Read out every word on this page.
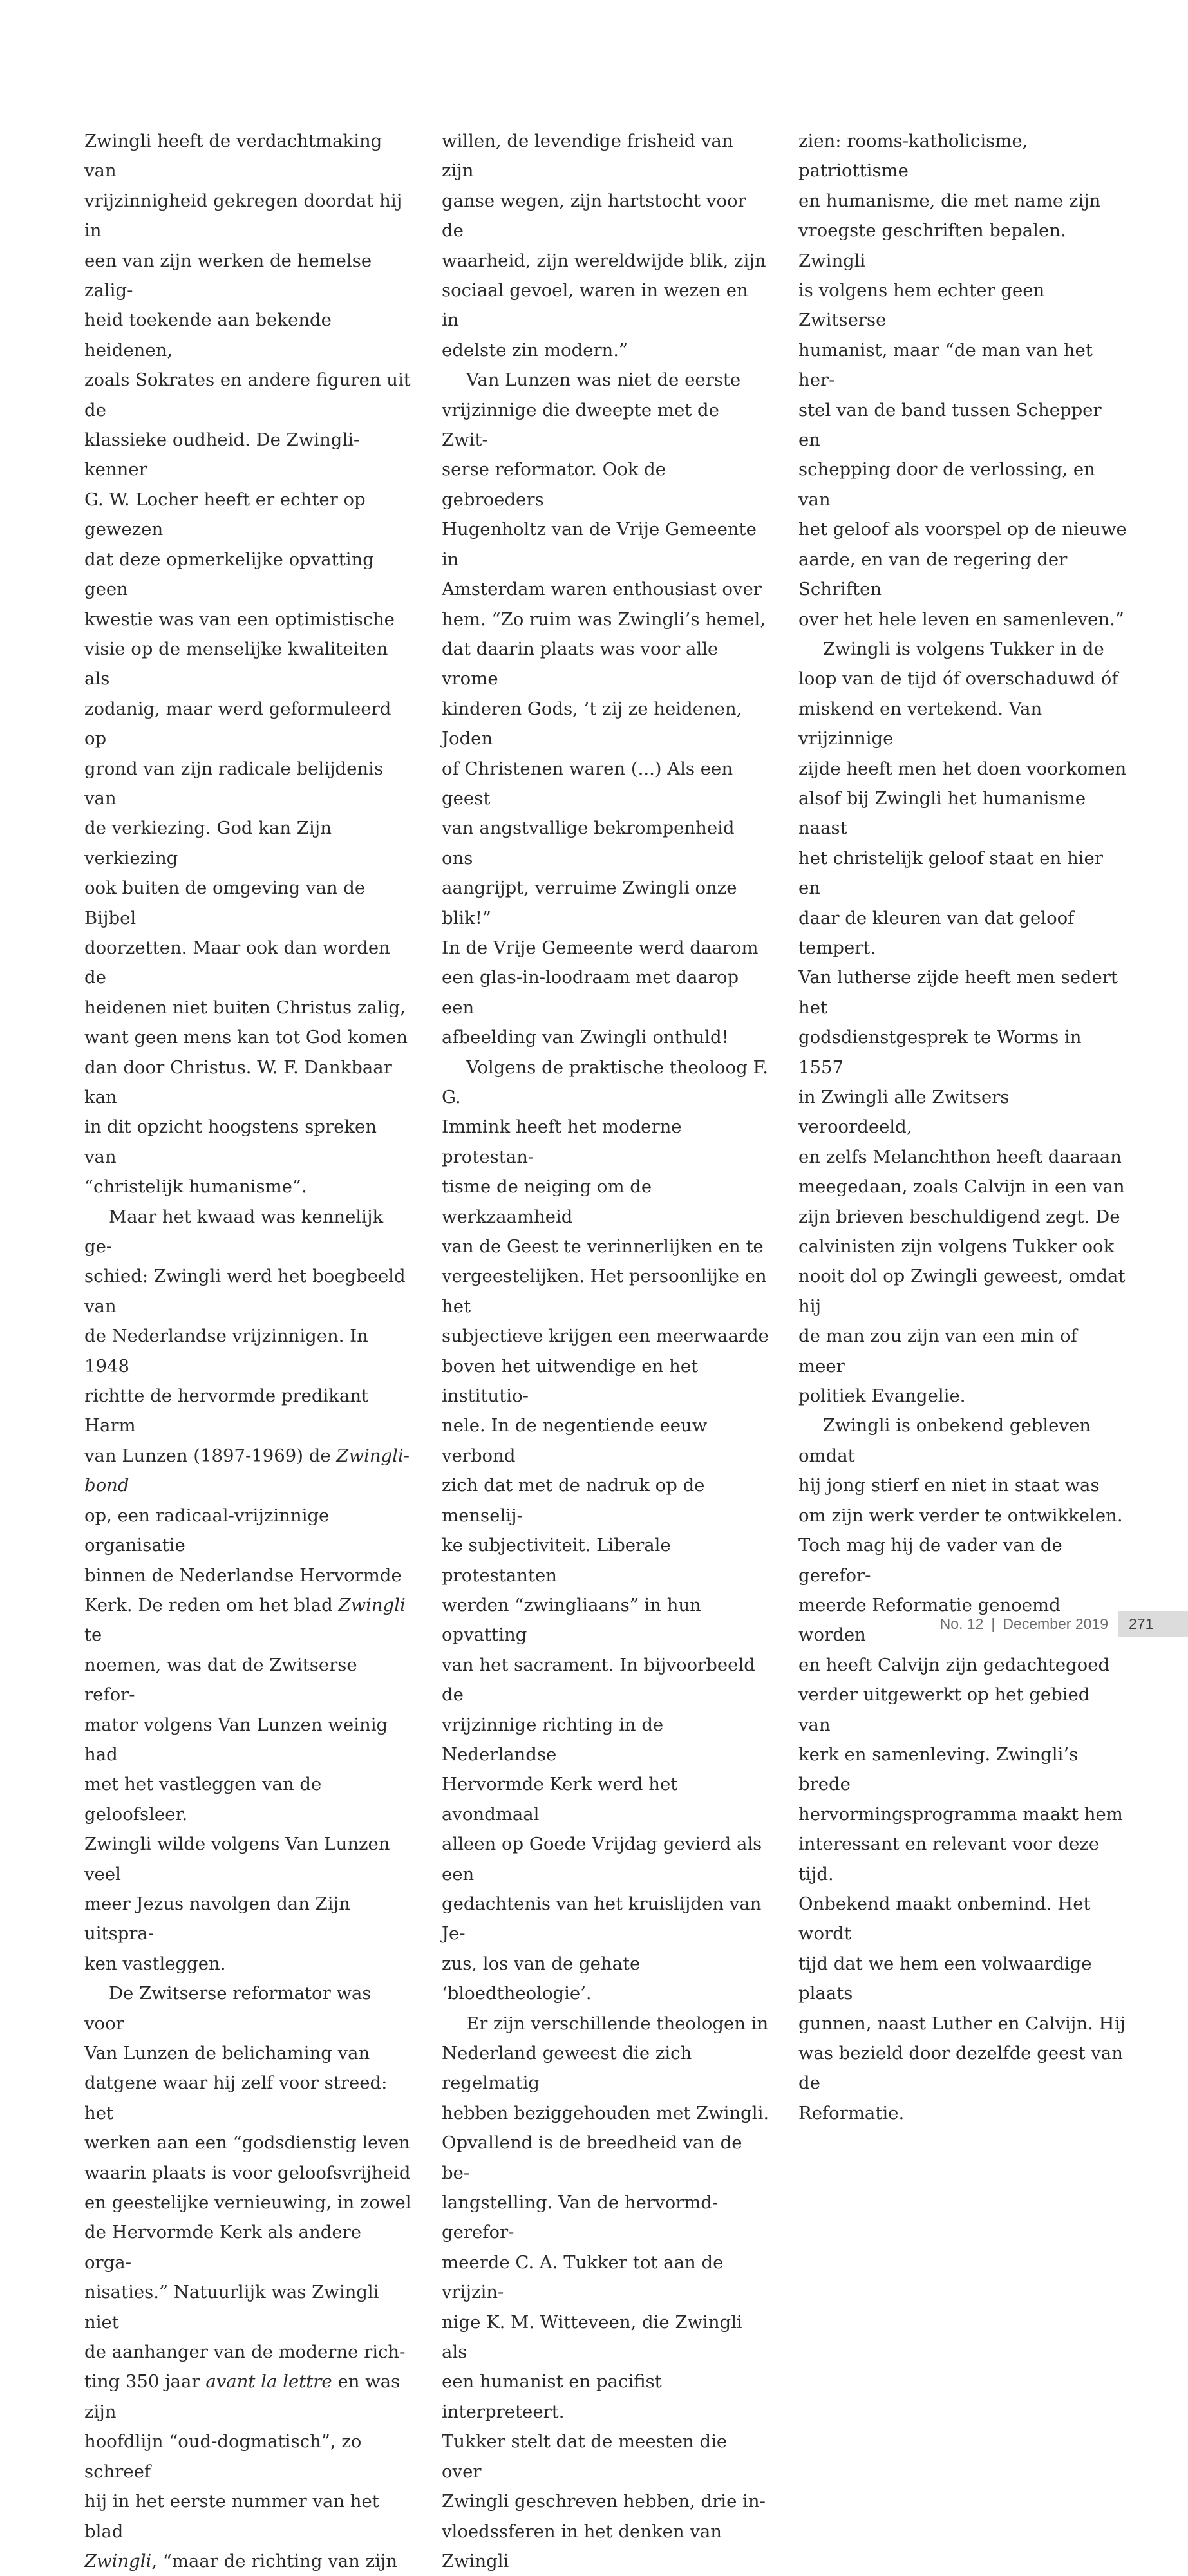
Zwingli heeft de verdachtmaking van
vrijzinnigheid gekregen doordat hij in
een van zijn werken de hemelse zalig-
heid toekende aan bekende heidenen,
zoals Sokrates en andere figuren uit de
klassieke oudheid. De Zwingli-kenner
G. W. Locher heeft er echter op gewezen
dat deze opmerkelijke opvatting geen
kwestie was van een optimistische
visie op de menselijke kwaliteiten als
zodanig, maar werd geformuleerd op
grond van zijn radicale belijdenis van
de verkiezing. God kan Zijn verkiezing
ook buiten de omgeving van de Bijbel
doorzetten. Maar ook dan worden de
heidenen niet buiten Christus zalig,
want geen mens kan tot God komen
dan door Christus. W. F. Dankbaar kan
in dit opzicht hoogstens spreken van
“christelijk humanisme”.

Maar het kwaad was kennelijk ge-
schied: Zwingli werd het boegbeeld van
de Nederlandse vrijzinnigen. In 1948
richtte de hervormde predikant Harm
van Lunzen (1897-1969) de Zwingli-bond
op, een radicaal-vrijzinnige organisatie
binnen de Nederlandse Hervormde
Kerk. De reden om het blad Zwingli te
noemen, was dat de Zwitserse refor-
mator volgens Van Lunzen weinig had
met het vastleggen van de geloofsleer.
Zwingli wilde volgens Van Lunzen veel
meer Jezus navolgen dan Zijn uitspra-
ken vastleggen.

De Zwitserse reformator was voor
Van Lunzen de belichaming van
datgene waar hij zelf voor streed: het
werken aan een “godsdienstig leven
waarin plaats is voor geloofsvrijheid
en geestelijke vernieuwing, in zowel
de Hervormde Kerk als andere orga-
nisaties.” Natuurlijk was Zwingli niet
de aanhanger van de moderne rich-
ting 350 jaar avant la lettre en was zijn
hoofdlijn “oud-dogmatisch”, zo schreef
hij in het eerste nummer van het blad
Zwingli, “maar de richting van zijn

willen, de levendige frisheid van zijn
ganse wegen, zijn hartstocht voor de
waarheid, zijn wereldwijde blik, zijn
sociaal gevoel, waren in wezen en in
edelste zin modern.”

Van Lunzen was niet de eerste
vrijzinnige die dweepte met de Zwit-
serse reformator. Ook de gebroeders
Hugenholtz van de Vrije Gemeente in
Amsterdam waren enthousiast over
hem. “Zo ruim was Zwingli’s hemel,
dat daarin plaats was voor alle vrome
kinderen Gods, ’t zij ze heidenen, Joden
of Christenen waren (...) Als een geest
van angstvallige bekrompenheid ons
aangrijpt, verruime Zwingli onze blik!”
In de Vrije Gemeente werd daarom
een glas-in-loodraam met daarop een
afbeelding van Zwingli onthuld!

Volgens de praktische theoloog F. G.
Immink heeft het moderne protestan-
tisme de neiging om de werkzaamheid
van de Geest te verinnerlijken en te
vergeestelijken. Het persoonlijke en het
subjectieve krijgen een meerwaarde
boven het uitwendige en het institutio-
nele. In de negentiende eeuw verbond
zich dat met de nadruk op de menselij-
ke subjectiviteit. Liberale protestanten
werden “zwingliaans” in hun opvatting
van het sacrament. In bijvoorbeeld de
vrijzinnige richting in de Nederlandse
Hervormde Kerk werd het avondmaal
alleen op Goede Vrijdag gevierd als een
gedachtenis van het kruislijden van Je-
zus, los van de gehate ‘bloedtheologie’.

Er zijn verschillende theologen in
Nederland geweest die zich regelmatig
hebben beziggehouden met Zwingli.
Opvallend is de breedheid van de be-
langstelling. Van de hervormd-gerefor-
meerde C. A. Tukker tot aan de vrijzin-
nige K. M. Witteveen, die Zwingli als
een humanist en pacifist interpreteert.
Tukker stelt dat de meesten die over
Zwingli geschreven hebben, drie in-
vloedssferen in het denken van Zwingli

zien: rooms-katholicisme, patriottisme
en humanisme, die met name zijn
vroegste geschriften bepalen. Zwingli
is volgens hem echter geen Zwitserse
humanist, maar “de man van het her-
stel van de band tussen Schepper en
schepping door de verlossing, en van
het geloof als voorspel op de nieuwe
aarde, en van de regering der Schriften
over het hele leven en samenleven.”

Zwingli is volgens Tukker in de
loop van de tijd óf overschaduwd óf
miskend en vertekend. Van vrijzinnige
zijde heeft men het doen voorkomen
alsof bij Zwingli het humanisme naast
het christelijk geloof staat en hier en
daar de kleuren van dat geloof tempert.
Van lutherse zijde heeft men sedert het
godsdienstgesprek te Worms in 1557
in Zwingli alle Zwitsers veroordeeld,
en zelfs Melanchthon heeft daaraan
meegedaan, zoals Calvijn in een van
zijn brieven beschuldigend zegt. De
calvinisten zijn volgens Tukker ook
nooit dol op Zwingli geweest, omdat hij
de man zou zijn van een min of meer
politiek Evangelie.

Zwingli is onbekend gebleven omdat
hij jong stierf en niet in staat was
om zijn werk verder te ontwikkelen.
Toch mag hij de vader van de gerefor-
meerde Reformatie genoemd worden
en heeft Calvijn zijn gedachtegoed
verder uitgewerkt op het gebied van
kerk en samenleving. Zwingli’s brede
hervormingsprogramma maakt hem
interessant en relevant voor deze tijd.
Onbekend maakt onbemind. Het wordt
tijd dat we hem een volwaardige plaats
gunnen, naast Luther en Calvijn. Hij
was bezield door dezelfde geest van de
Reformatie.

No. 12 | December 2019	271
